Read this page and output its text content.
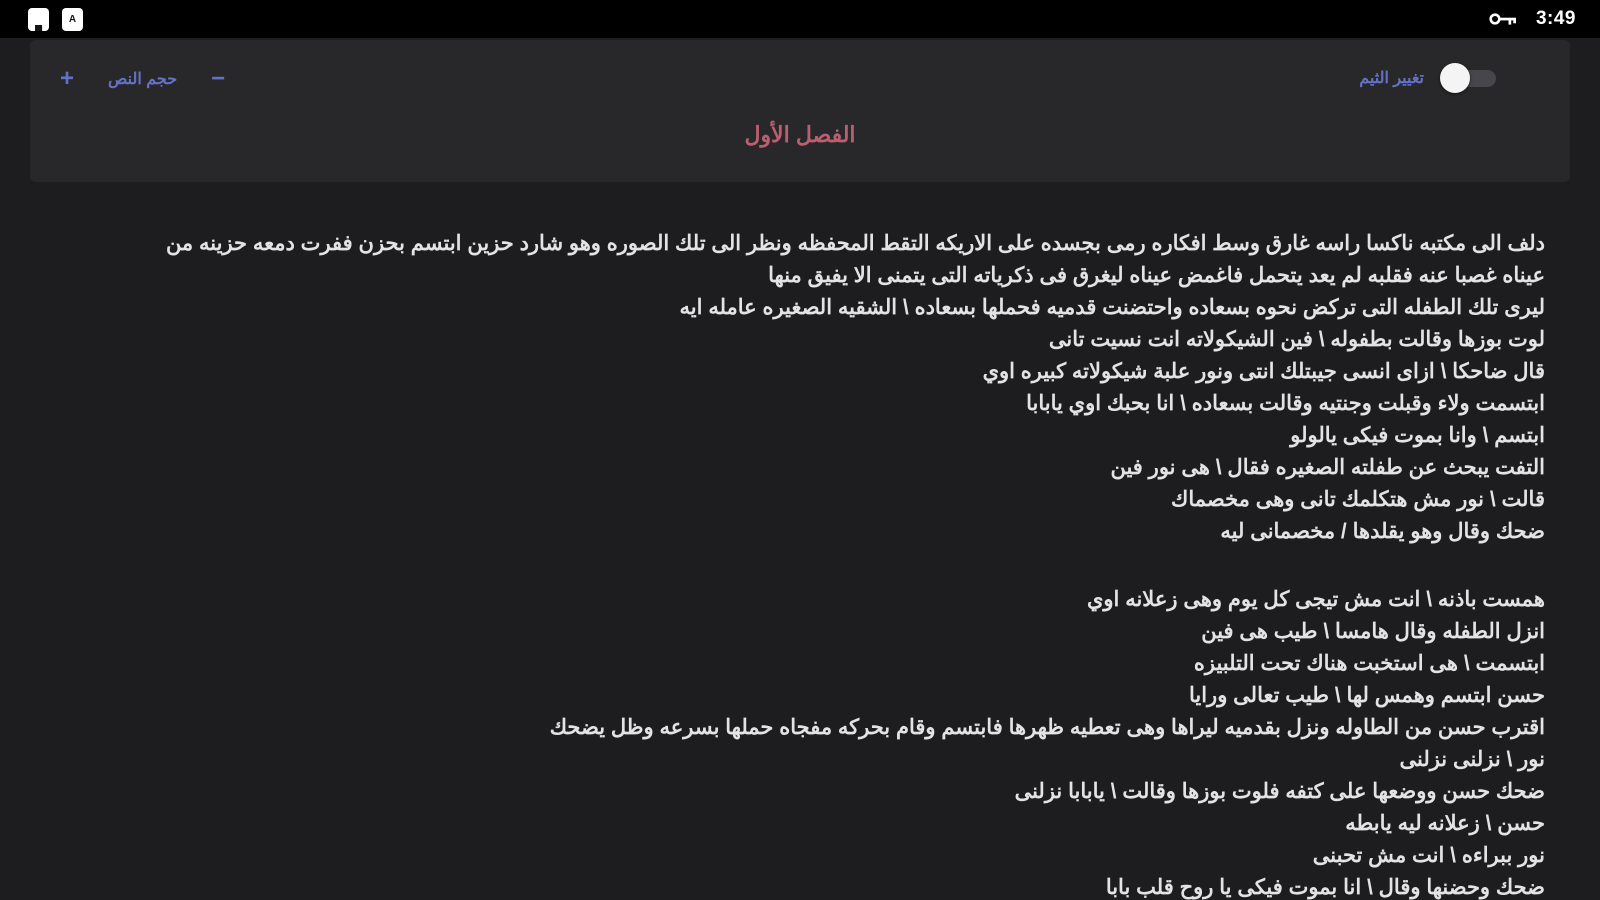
▄
A	3:49
+ حجم النص −	تغيير الثيم
الفصل الأول
دلف الى مكتبه ناكسا راسه غارق وسط افكاره رمى بجسده على الاريكه التقط المحفظه ونظر الى تلك الصوره وهو شارد حزين ابتسم بحزن ففرت دمعه حزينه من
عيناه غصبا عنه فقلبه لم يعد يتحمل فاغمض عيناه ليغرق فى ذكرياته التى يتمنى الا يفيق منها
ليرى تلك الطفله التى تركض نحوه بسعاده واحتضنت قدميه فحملها بسعاده \ الشقيه الصغيره عامله ايه
لوت بوزها وقالت بطفوله \ فين الشيكولاته انت نسيت تانى
قال ضاحكا \ ازاى انسى جيبتلك انتى ونور علبة شيكولاته كبيره اوي
ابتسمت ولاء وقبلت وجنتيه وقالت بسعاده \ انا بحبك اوي يابابا
ابتسم \ وانا بموت فيكى يالولو
التفت يبحث عن طفلته الصغيره فقال \ هى نور فين
قالت \ نور مش هتكلمك تانى وهى مخصماك
ضحك وقال وهو يقلدها / مخصمانى ليه
همست باذنه \ انت مش تيجى كل يوم وهى زعلانه اوي
انزل الطفله وقال هامسا \ طيب هى فين
ابتسمت \ هى استخبت هناك تحت التلبيزه
حسن ابتسم وهمس لها \ طيب تعالى ورايا
اقترب حسن من الطاوله ونزل بقدميه ليراها وهى تعطيه ظهرها فابتسم وقام بحركه مفجاه حملها بسرعه وظل يضحك
نور \ نزلنى نزلنى
ضحك حسن ووضعها على كتفه فلوت بوزها وقالت \ يابابا نزلنى
حسن \ زعلانه ليه يابطه
نور ببراءه \ انت مش تحبنى
ضحك وحضنها وقال \ انا بموت فيكى يا روح قلب بابا
